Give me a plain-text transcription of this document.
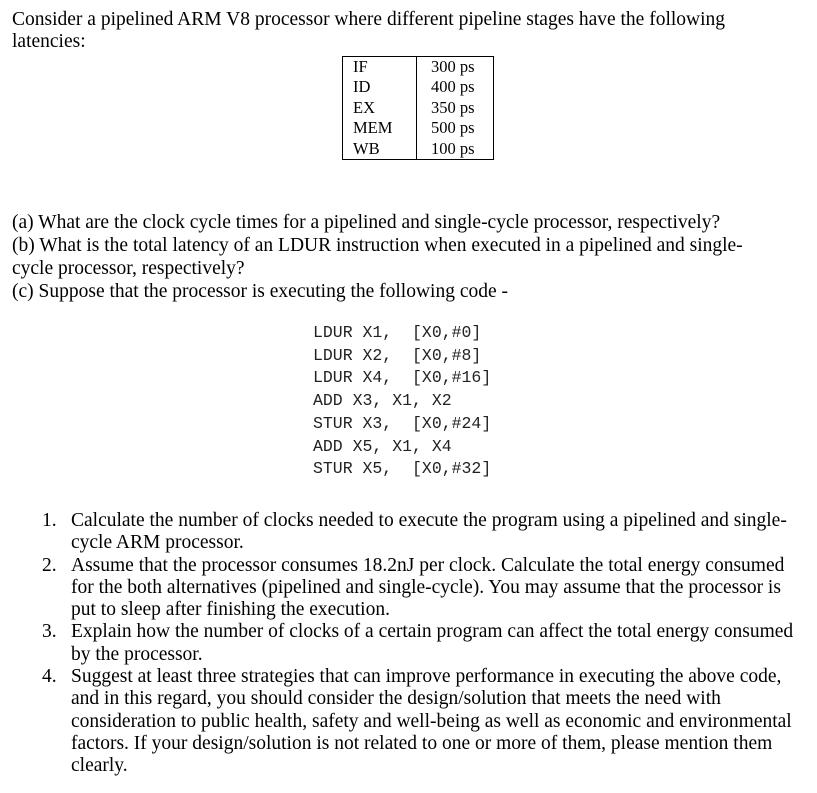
Consider a pipelined ARM V8 processor where different pipeline stages have the following
latencies:
IF	300 ps
ID	400 ps
EX	350 ps
MEM	500 ps
WB	100 ps
(a) What are the clock cycle times for a pipelined and single-cycle processor, respectively?
(b) What is the total latency of an LDUR instruction when executed in a pipelined and single-
cycle processor, respectively?
(c) Suppose that the processor is executing the following code -
LDUR X1,  [X0,#0]
LDUR X2,  [X0,#8]
LDUR X4,  [X0,#16]
ADD X3, X1, X2
STUR X3,  [X0,#24]
ADD X5, X1, X4
STUR X5,  [X0,#32]
1. Calculate the number of clocks needed to execute the program using a pipelined and single-cycle ARM processor.
2. Assume that the processor consumes 18.2nJ per clock. Calculate the total energy consumed for the both alternatives (pipelined and single-cycle). You may assume that the processor is put to sleep after finishing the execution.
3. Explain how the number of clocks of a certain program can affect the total energy consumed by the processor.
4. Suggest at least three strategies that can improve performance in executing the above code, and in this regard, you should consider the design/solution that meets the need with consideration to public health, safety and well-being as well as economic and environmental factors. If your design/solution is not related to one or more of them, please mention them clearly.
